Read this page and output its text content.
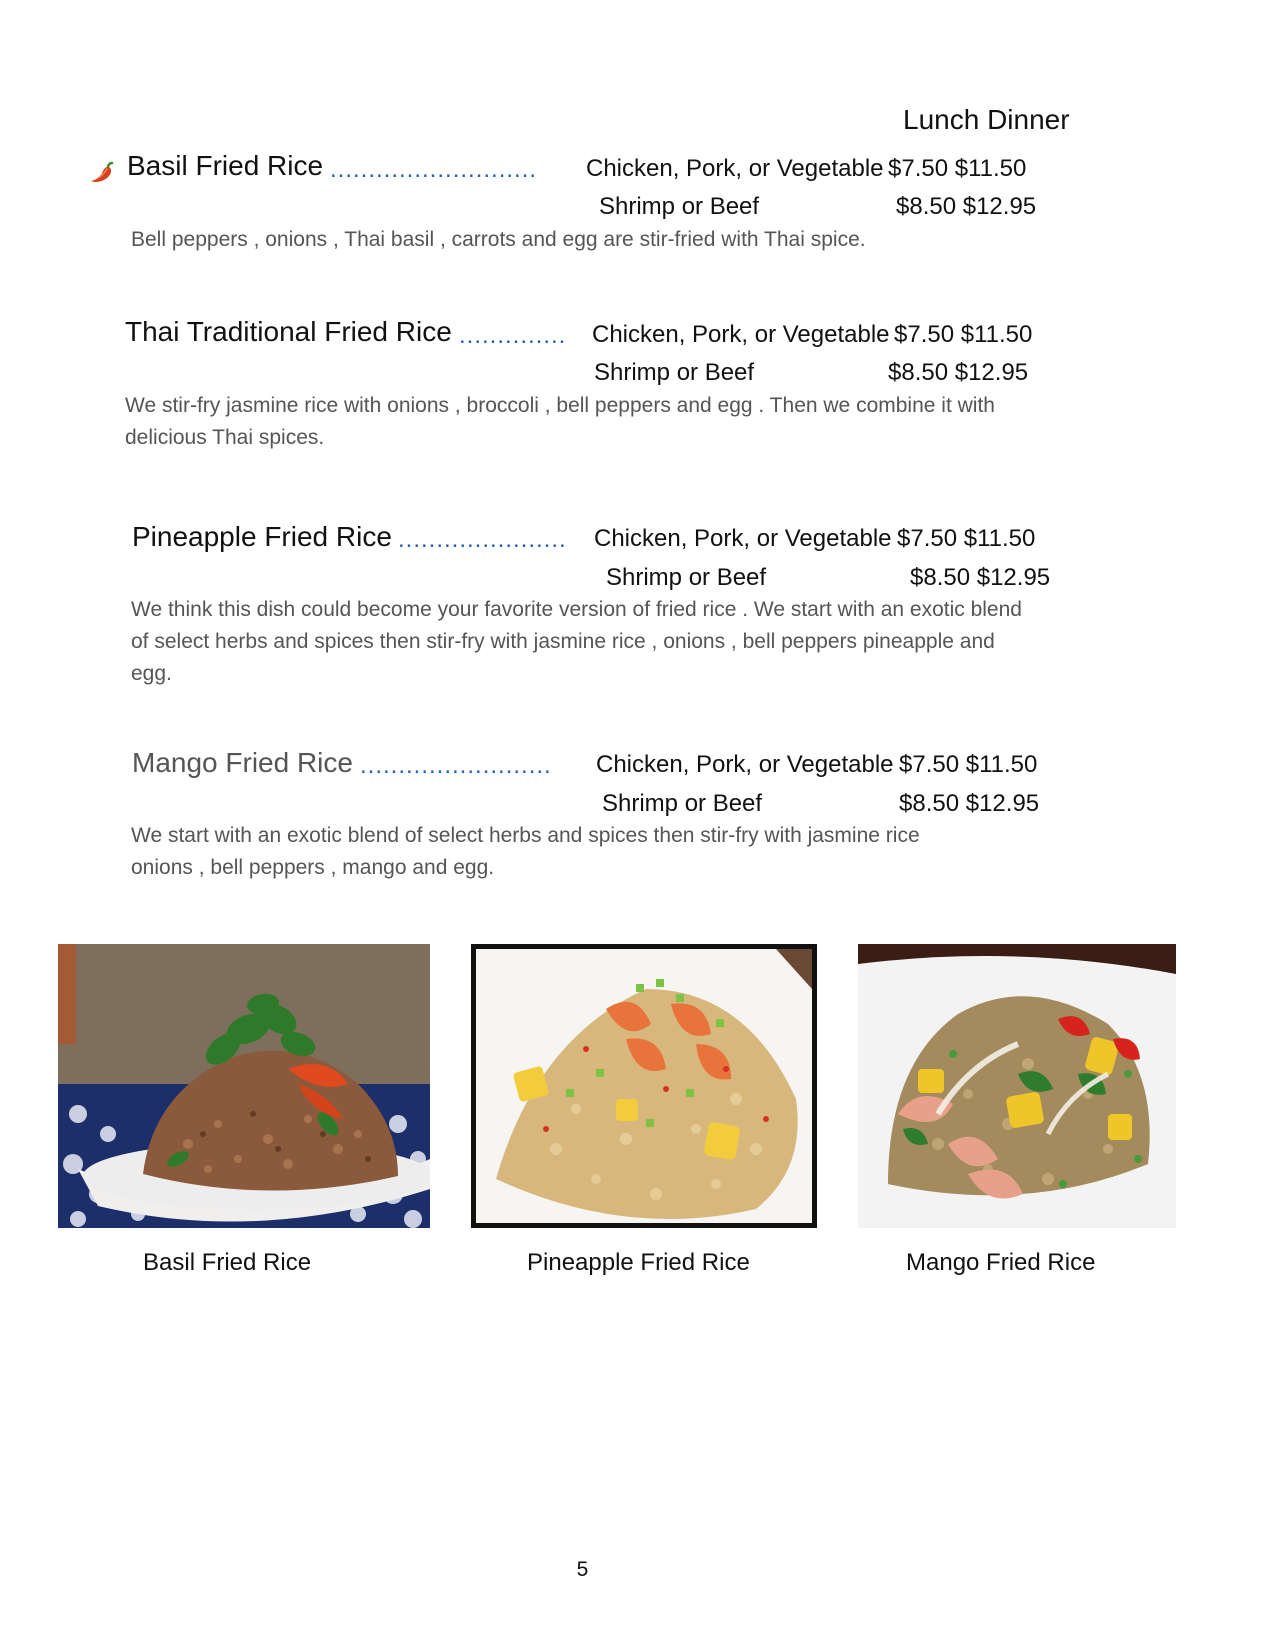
Lunch Dinner
Basil Fried Rice ........................... Chicken, Pork, or Vegetable $7.50 $11.50
Shrimp or Beef	$8.50 $12.95
Bell peppers , onions , Thai basil , carrots and egg are stir-fried with Thai spice.
Thai Traditional Fried Rice .............. Chicken, Pork, or Vegetable $7.50 $11.50
Shrimp or Beef	$8.50 $12.95
We stir-fry jasmine rice with onions , broccoli , bell peppers and egg . Then we combine it with delicious Thai spices.
Pineapple Fried Rice ...................... Chicken, Pork, or Vegetable $7.50 $11.50
Shrimp or Beef	$8.50 $12.95
We think this dish could become your favorite version of fried rice . We start with an exotic blend of select herbs and spices then stir-fry with jasmine rice , onions , bell peppers pineapple and egg.
Mango Fried Rice ......................... Chicken, Pork, or Vegetable $7.50 $11.50
Shrimp or Beef	$8.50 $12.95
We start with an exotic blend of select herbs and spices then stir-fry with jasmine rice onions , bell peppers , mango and egg.
Basil Fried Rice	Pineapple Fried Rice	Mango Fried Rice
5
